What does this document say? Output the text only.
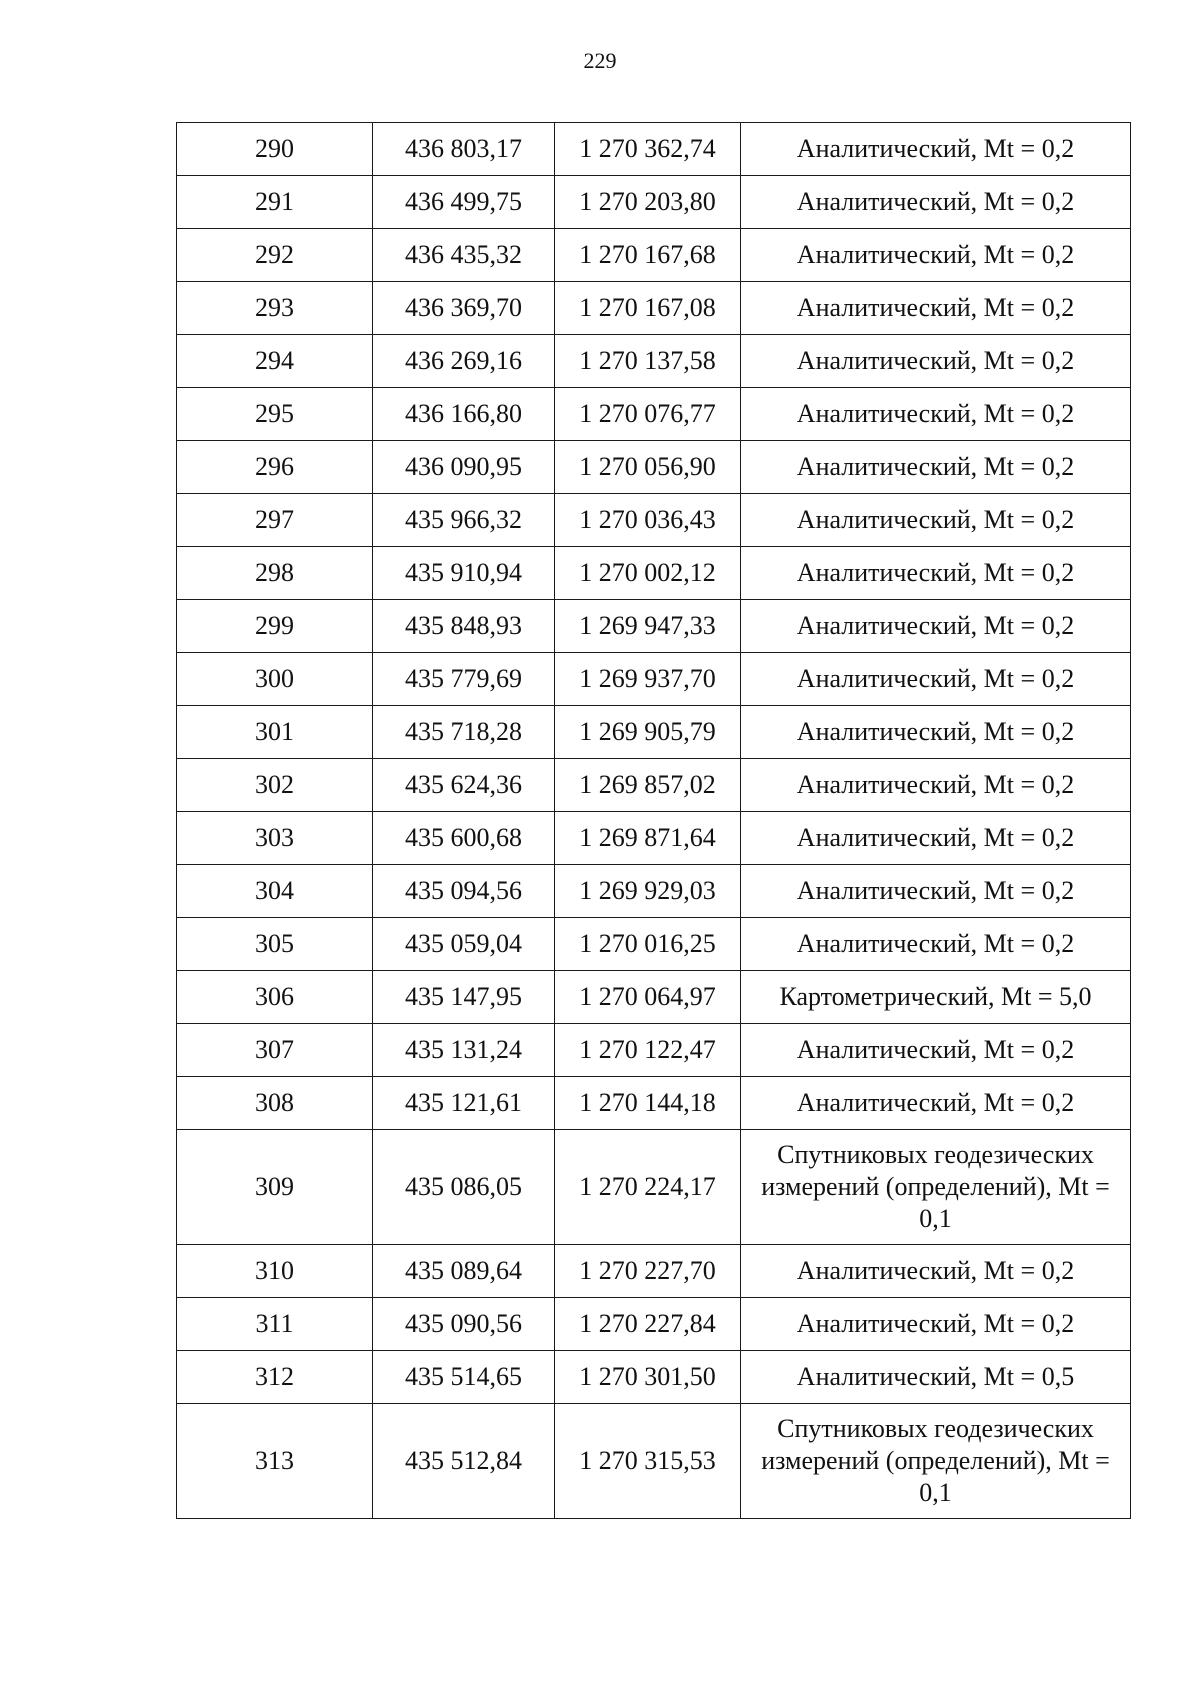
229
290	436 803,17	1 270 362,74	Аналитический, Mt = 0,2
291	436 499,75	1 270 203,80	Аналитический, Mt = 0,2
292	436 435,32	1 270 167,68	Аналитический, Mt = 0,2
293	436 369,70	1 270 167,08	Аналитический, Mt = 0,2
294	436 269,16	1 270 137,58	Аналитический, Mt = 0,2
295	436 166,80	1 270 076,77	Аналитический, Mt = 0,2
296	436 090,95	1 270 056,90	Аналитический, Mt = 0,2
297	435 966,32	1 270 036,43	Аналитический, Mt = 0,2
298	435 910,94	1 270 002,12	Аналитический, Mt = 0,2
299	435 848,93	1 269 947,33	Аналитический, Mt = 0,2
300	435 779,69	1 269 937,70	Аналитический, Mt = 0,2
301	435 718,28	1 269 905,79	Аналитический, Mt = 0,2
302	435 624,36	1 269 857,02	Аналитический, Mt = 0,2
303	435 600,68	1 269 871,64	Аналитический, Mt = 0,2
304	435 094,56	1 269 929,03	Аналитический, Mt = 0,2
305	435 059,04	1 270 016,25	Аналитический, Mt = 0,2
306	435 147,95	1 270 064,97	Картометрический, Mt = 5,0
307	435 131,24	1 270 122,47	Аналитический, Mt = 0,2
308	435 121,61	1 270 144,18	Аналитический, Mt = 0,2
309	435 086,05	1 270 224,17	Спутниковых геодезических измерений (определений), Mt = 0,1
310	435 089,64	1 270 227,70	Аналитический, Mt = 0,2
311	435 090,56	1 270 227,84	Аналитический, Mt = 0,2
312	435 514,65	1 270 301,50	Аналитический, Mt = 0,5
313	435 512,84	1 270 315,53	Спутниковых геодезических измерений (определений), Mt = 0,1
